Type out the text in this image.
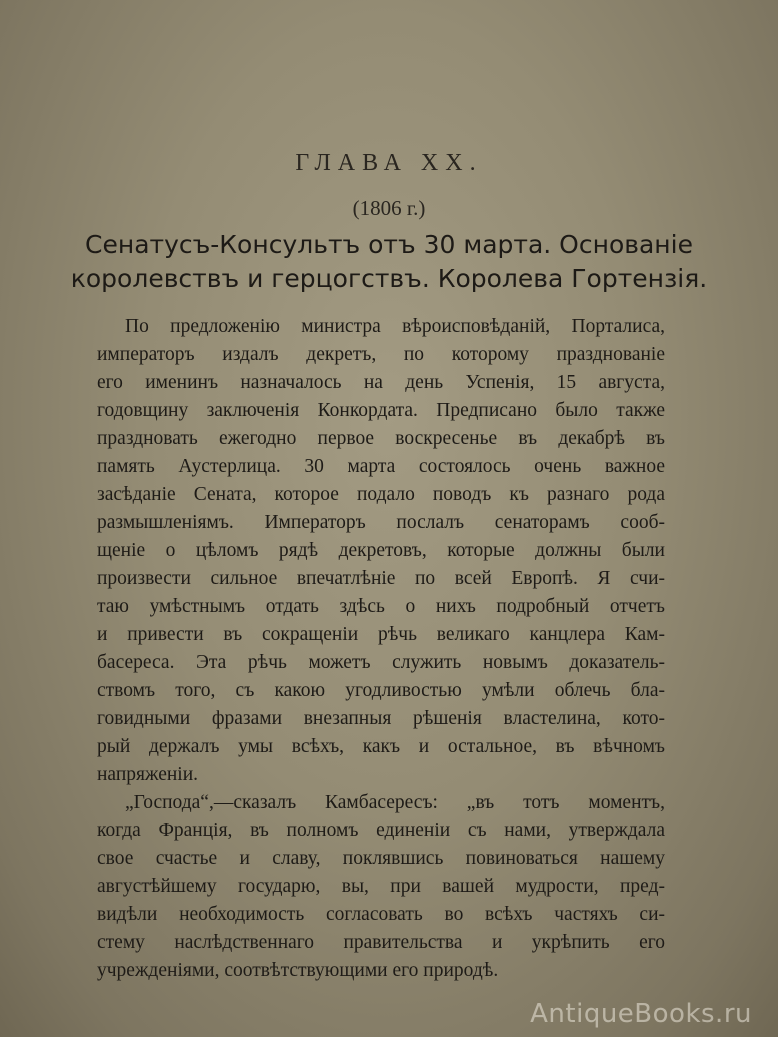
ГЛАВА XX.
(1806 г.)
Сенатусъ-Консультъ отъ 30 марта. Основаніе
королевствъ и герцогствъ. Королева Гортензія.
По предложенію министра вѣроисповѣданій, Порталиса,
императоръ издалъ декретъ, по которому празднованіе
его именинъ назначалось на день Успенія, 15 августа,
годовщину заключенія Конкордата. Предписано было также
праздновать ежегодно первое воскресенье въ декабрѣ въ
память Аустерлица. 30 марта состоялось очень важное
засѣданіе Сената, которое подало поводъ къ разнаго рода
размышленіямъ. Императоръ послалъ сенаторамъ сооб-
щеніе о цѣломъ рядѣ декретовъ, которые должны были
произвести сильное впечатлѣніе по всей Европѣ. Я счи-
таю умѣстнымъ отдать здѣсь о нихъ подробный отчетъ
и привести въ сокращеніи рѣчь великаго канцлера Кам-
басереса. Эта рѣчь можетъ служить новымъ доказатель-
ствомъ того, съ какою угодливостью умѣли облечь бла-
говидными фразами внезапныя рѣшенія властелина, кото-
рый держалъ умы всѣхъ, какъ и остальное, въ вѣчномъ
напряженіи.
„Господа“,—сказалъ Камбасересъ: „въ тотъ моментъ,
когда Франція, въ полномъ единеніи съ нами, утверждала
свое счастье и славу, поклявшись повиноваться нашему
августѣйшему государю, вы, при вашей мудрости, пред-
видѣли необходимость согласовать во всѣхъ частяхъ си-
стему наслѣдственнаго правительства и укрѣпить его
учрежденіями, соотвѣтствующими его природѣ.
AntiqueBooks.ru
